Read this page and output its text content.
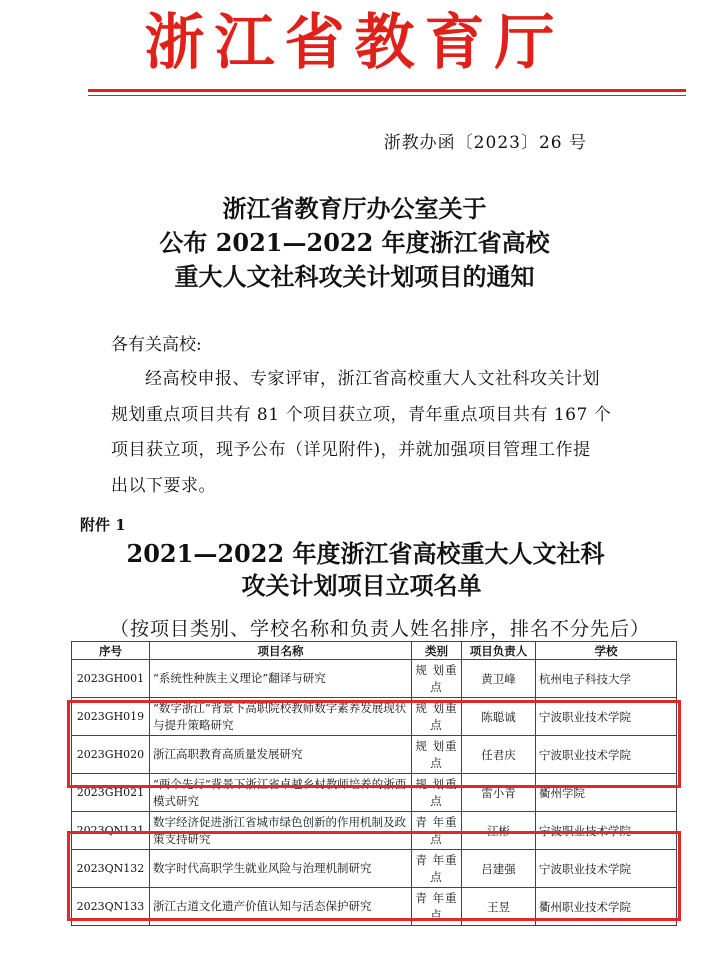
浙江省教育厅
浙教办函〔2023〕26 号
浙江省教育厅办公室关于
公布 2021—2022 年度浙江省高校
重大人文社科攻关计划项目的通知
各有关高校:
经高校申报、专家评审，浙江省高校重大人文社科攻关计划
规划重点项目共有 81 个项目获立项，青年重点项目共有 167 个
项目获立项，现予公布（详见附件)，并就加强项目管理工作提
出以下要求。
附件 1
2021—2022 年度浙江省高校重大人文社科
攻关计划项目立项名单
（按项目类别、学校名称和负责人姓名排序，排名不分先后）
序号	项目名称	类别	项目负责人	学校
2023GH001	“系统性种族主义理论”翻译与研究	规 划重点	黄卫峰	杭州电子科技大学
2023GH019	“数字浙江”背景下高职院校教师数字素养发展现状与提升策略研究	规 划重点	陈聪诚	宁波职业技术学院
2023GH020	浙江高职教育高质量发展研究	规 划重点	任君庆	宁波职业技术学院
2023GH021	“两个先行”背景下浙江省卓越乡村教师培养的浙西模式研究	规 划重点	雷小青	衢州学院
2023QN131	数字经济促进浙江省城市绿色创新的作用机制及政策支持研究	青 年重点	江彬	宁波职业技术学院
2023QN132	数字时代高职学生就业风险与治理机制研究	青 年重点	吕建强	宁波职业技术学院
2023QN133	浙江古道文化遗产价值认知与活态保护研究	青 年重点	王昱	衢州职业技术学院
